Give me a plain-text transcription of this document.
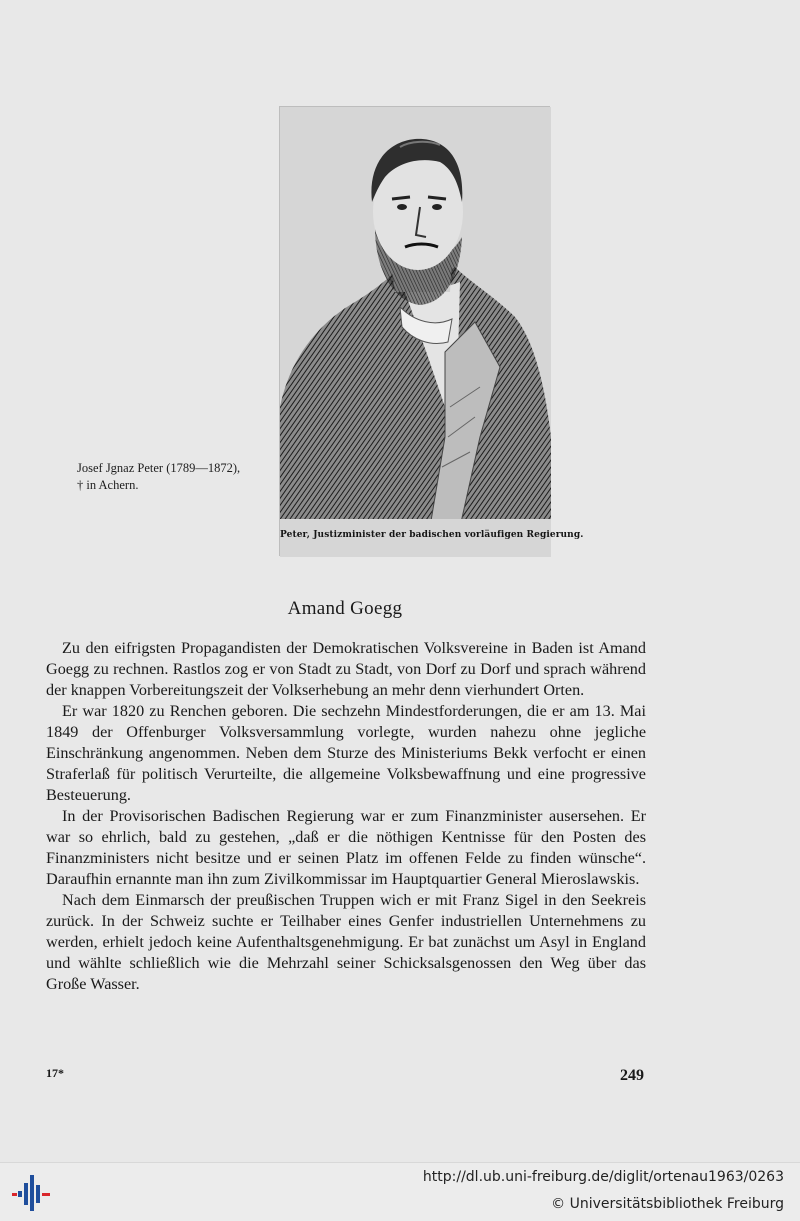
Peter, Justizminister der badischen vorläufigen Regierung.
Josef Jgnaz Peter (1789—1872),
† in Achern.
Amand Goegg

Zu den eifrigsten Propagandisten der Demokratischen Volksvereine in Baden ist Amand Goegg zu rechnen. Rastlos zog er von Stadt zu Stadt, von Dorf zu Dorf und sprach während der knappen Vorbereitungszeit der Volkserhebung an mehr denn vierhundert Orten.

Er war 1820 zu Renchen geboren. Die sechzehn Mindestforderungen, die er am 13. Mai 1849 der Offenburger Volksversammlung vorlegte, wurden nahezu ohne jegliche Einschränkung angenommen. Neben dem Sturze des Ministeriums Bekk verfocht er einen Straferlaß für politisch Verurteilte, die allgemeine Volksbewaffnung und eine progressive Besteuerung.

In der Provisorischen Badischen Regierung war er zum Finanzminister ausersehen. Er war so ehrlich, bald zu gestehen, „daß er die nöthigen Kentnisse für den Posten des Finanzministers nicht besitze und er seinen Platz im offenen Felde zu finden wünsche“. Daraufhin ernannte man ihn zum Zivilkommissar im Hauptquartier General Mieroslawskis.

Nach dem Einmarsch der preußischen Truppen wich er mit Franz Sigel in den Seekreis zurück. In der Schweiz suchte er Teilhaber eines Genfer industriellen Unternehmens zu werden, erhielt jedoch keine Aufenthaltsgenehmigung. Er bat zunächst um Asyl in England und wählte schließlich wie die Mehrzahl seiner Schicksalsgenossen den Weg über das Große Wasser.

17*	249
http://dl.ub.uni-freiburg.de/diglit/ortenau1963/0263
© Universitätsbibliothek Freiburg
